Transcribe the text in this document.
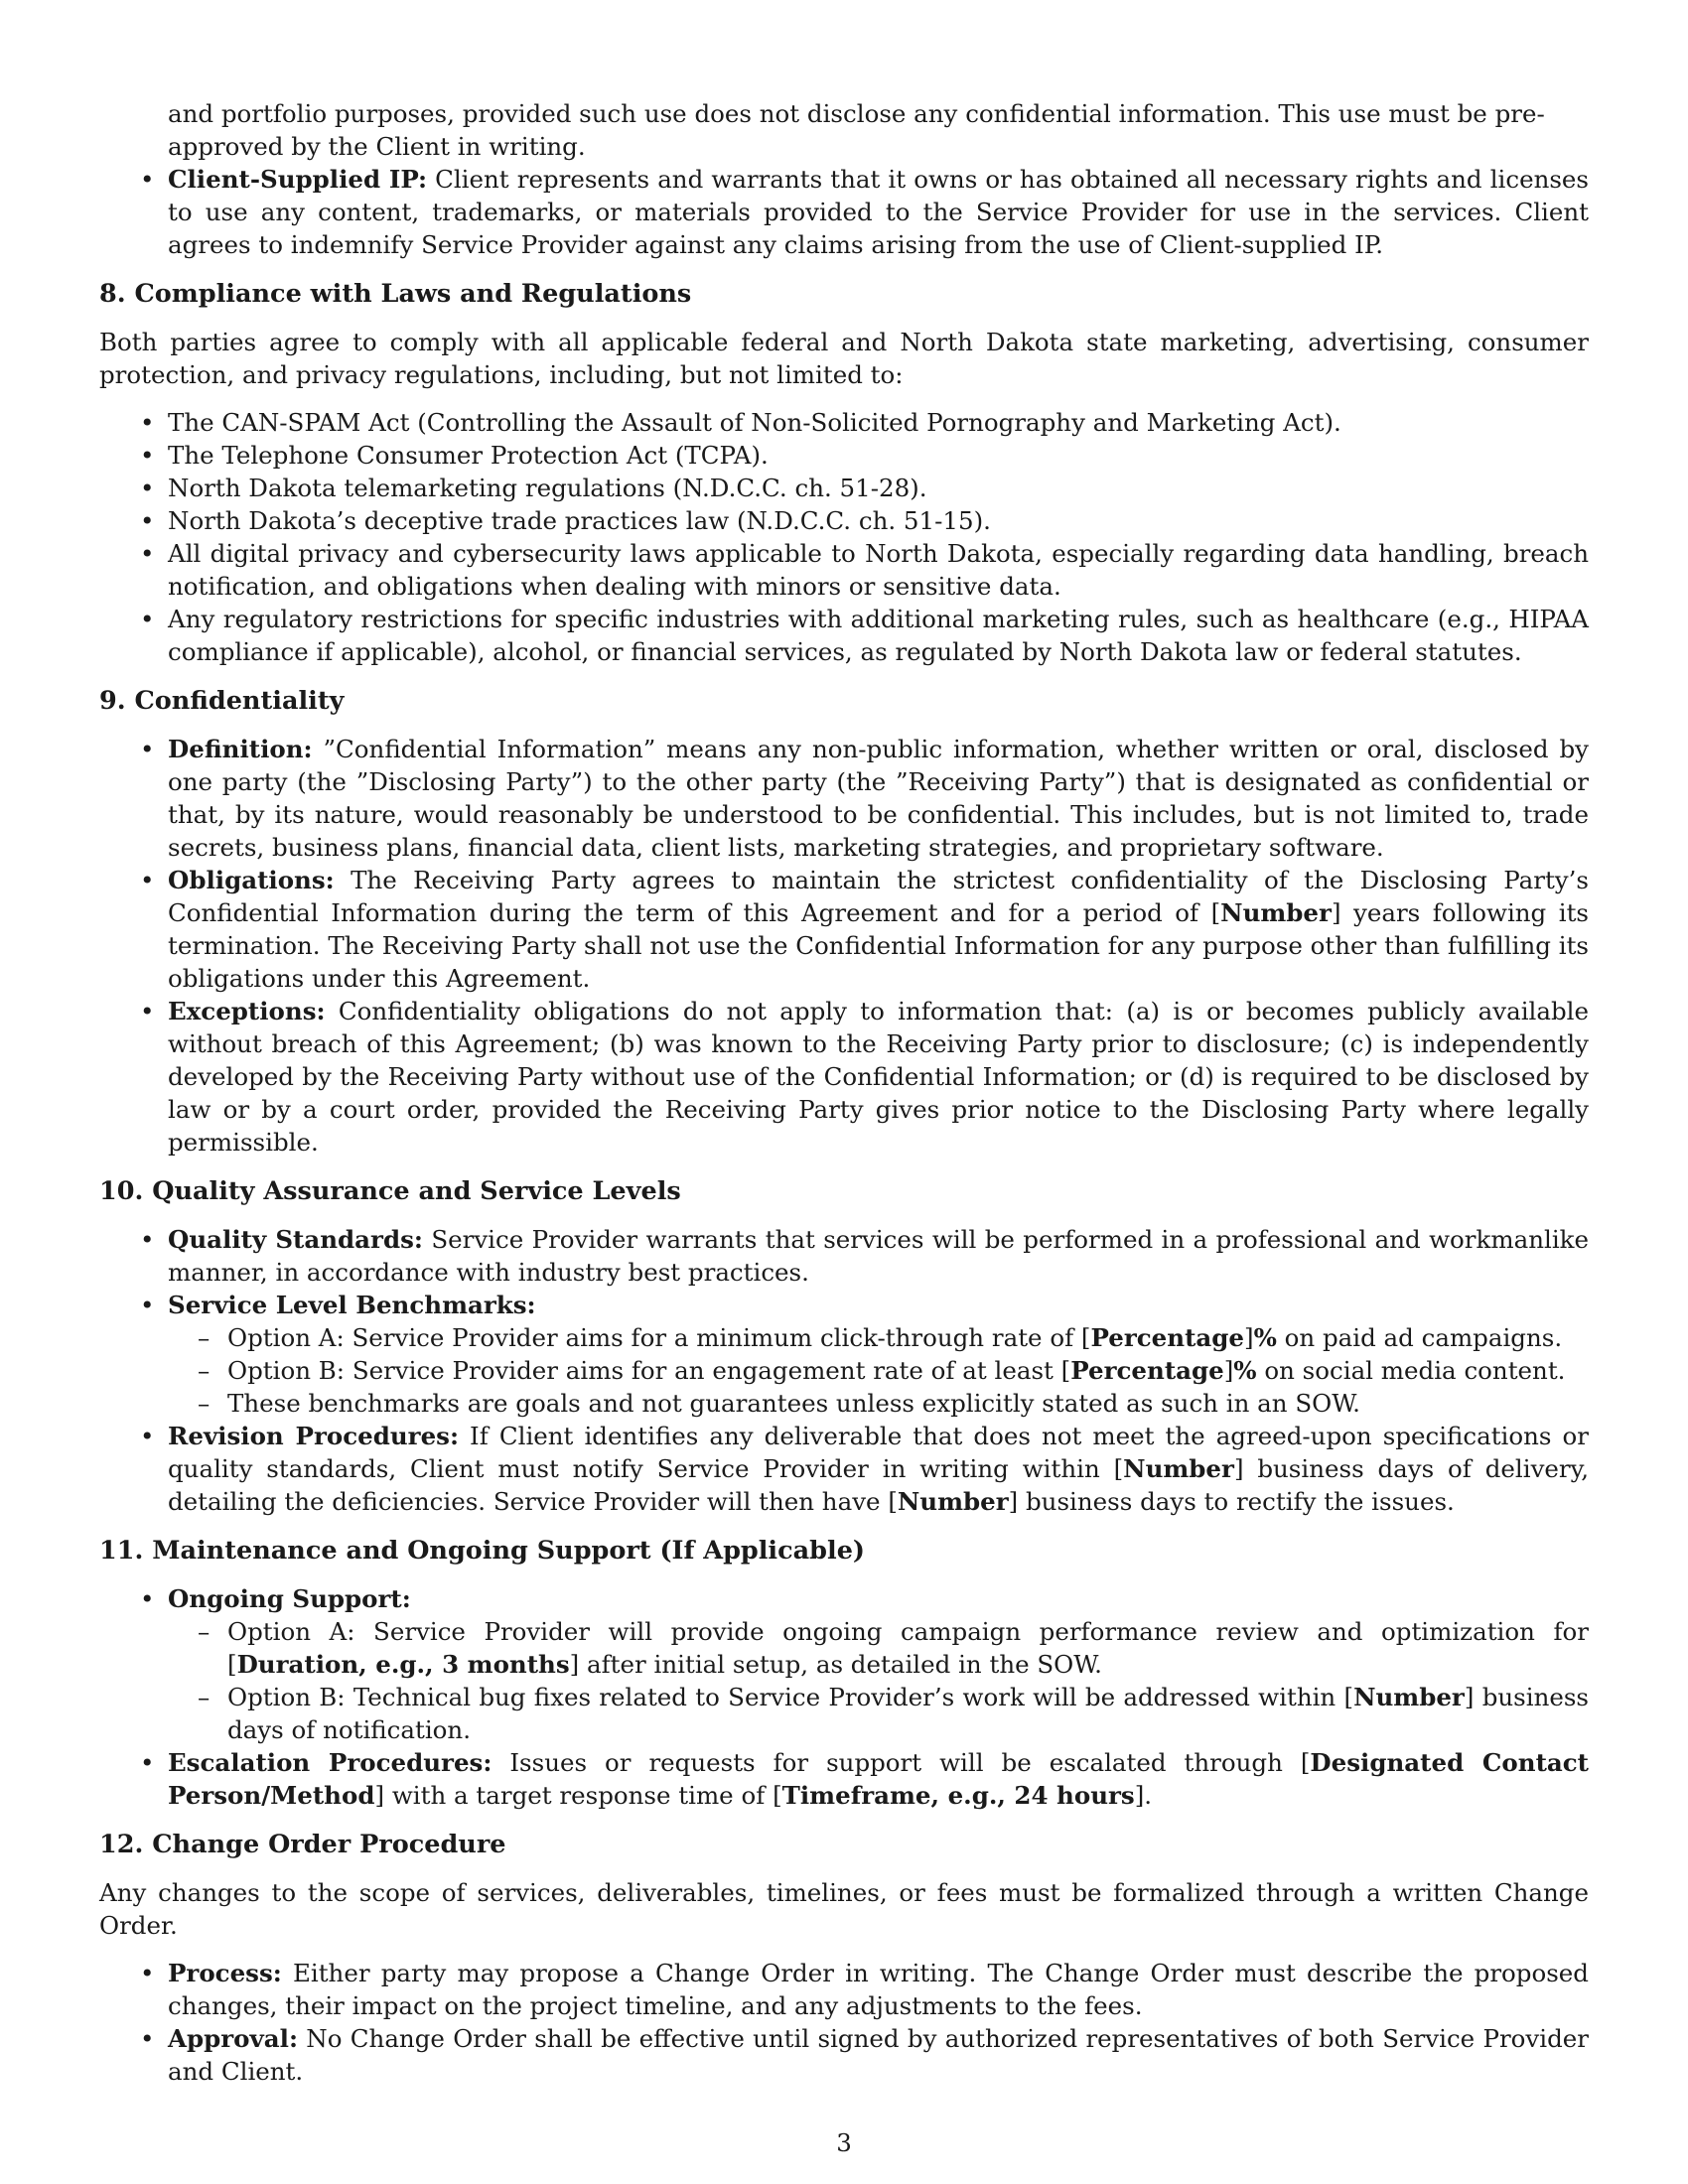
and portfolio purposes, provided such use does not disclose any confidential information. This use must be pre-approved by the Client in writing.
• Client-Supplied IP: Client represents and warrants that it owns or has obtained all necessary rights and licenses to use any content, trademarks, or materials provided to the Service Provider for use in the services. Client agrees to indemnify Service Provider against any claims arising from the use of Client-supplied IP.
8. Compliance with Laws and Regulations

Both parties agree to comply with all applicable federal and North Dakota state marketing, advertising, consumer protection, and privacy regulations, including, but not limited to:

• The CAN-SPAM Act (Controlling the Assault of Non-Solicited Pornography and Marketing Act).
• The Telephone Consumer Protection Act (TCPA).
• North Dakota telemarketing regulations (N.D.C.C. ch. 51-28).
• North Dakota’s deceptive trade practices law (N.D.C.C. ch. 51-15).
• All digital privacy and cybersecurity laws applicable to North Dakota, especially regarding data handling, breach notification, and obligations when dealing with minors or sensitive data.
• Any regulatory restrictions for specific industries with additional marketing rules, such as healthcare (e.g., HIPAA compliance if applicable), alcohol, or financial services, as regulated by North Dakota law or federal statutes.
9. Confidentiality
• Definition: ”Confidential Information” means any non-public information, whether written or oral, disclosed by one party (the ”Disclosing Party”) to the other party (the ”Receiving Party”) that is designated as confidential or that, by its nature, would reasonably be understood to be confidential. This includes, but is not limited to, trade secrets, business plans, financial data, client lists, marketing strategies, and proprietary software.
• Obligations: The Receiving Party agrees to maintain the strictest confidentiality of the Disclosing Party’s Confidential Information during the term of this Agreement and for a period of [Number] years following its termination. The Receiving Party shall not use the Confidential Information for any purpose other than fulfilling its obligations under this Agreement.
• Exceptions: Confidentiality obligations do not apply to information that: (a) is or becomes publicly available without breach of this Agreement; (b) was known to the Receiving Party prior to disclosure; (c) is independently developed by the Receiving Party without use of the Confidential Information; or (d) is required to be disclosed by law or by a court order, provided the Receiving Party gives prior notice to the Disclosing Party where legally permissible.
10. Quality Assurance and Service Levels
• Quality Standards: Service Provider warrants that services will be performed in a professional and workmanlike manner, in accordance with industry best practices.
• Service Level Benchmarks:
– Option A: Service Provider aims for a minimum click-through rate of [Percentage]% on paid ad campaigns.
– Option B: Service Provider aims for an engagement rate of at least [Percentage]% on social media content.
– These benchmarks are goals and not guarantees unless explicitly stated as such in an SOW.
• Revision Procedures: If Client identifies any deliverable that does not meet the agreed-upon specifications or quality standards, Client must notify Service Provider in writing within [Number] business days of delivery, detailing the deficiencies. Service Provider will then have [Number] business days to rectify the issues.
11. Maintenance and Ongoing Support (If Applicable)
• Ongoing Support:
– Option A: Service Provider will provide ongoing campaign performance review and optimization for [Duration, e.g., 3 months] after initial setup, as detailed in the SOW.
– Option B: Technical bug fixes related to Service Provider’s work will be addressed within [Number] business days of notification.
• Escalation Procedures: Issues or requests for support will be escalated through [Designated Contact Person/Method] with a target response time of [Timeframe, e.g., 24 hours].
12. Change Order Procedure

Any changes to the scope of services, deliverables, timelines, or fees must be formalized through a written Change Order.

• Process: Either party may propose a Change Order in writing. The Change Order must describe the proposed changes, their impact on the project timeline, and any adjustments to the fees.
• Approval: No Change Order shall be effective until signed by authorized representatives of both Service Provider and Client.
3
